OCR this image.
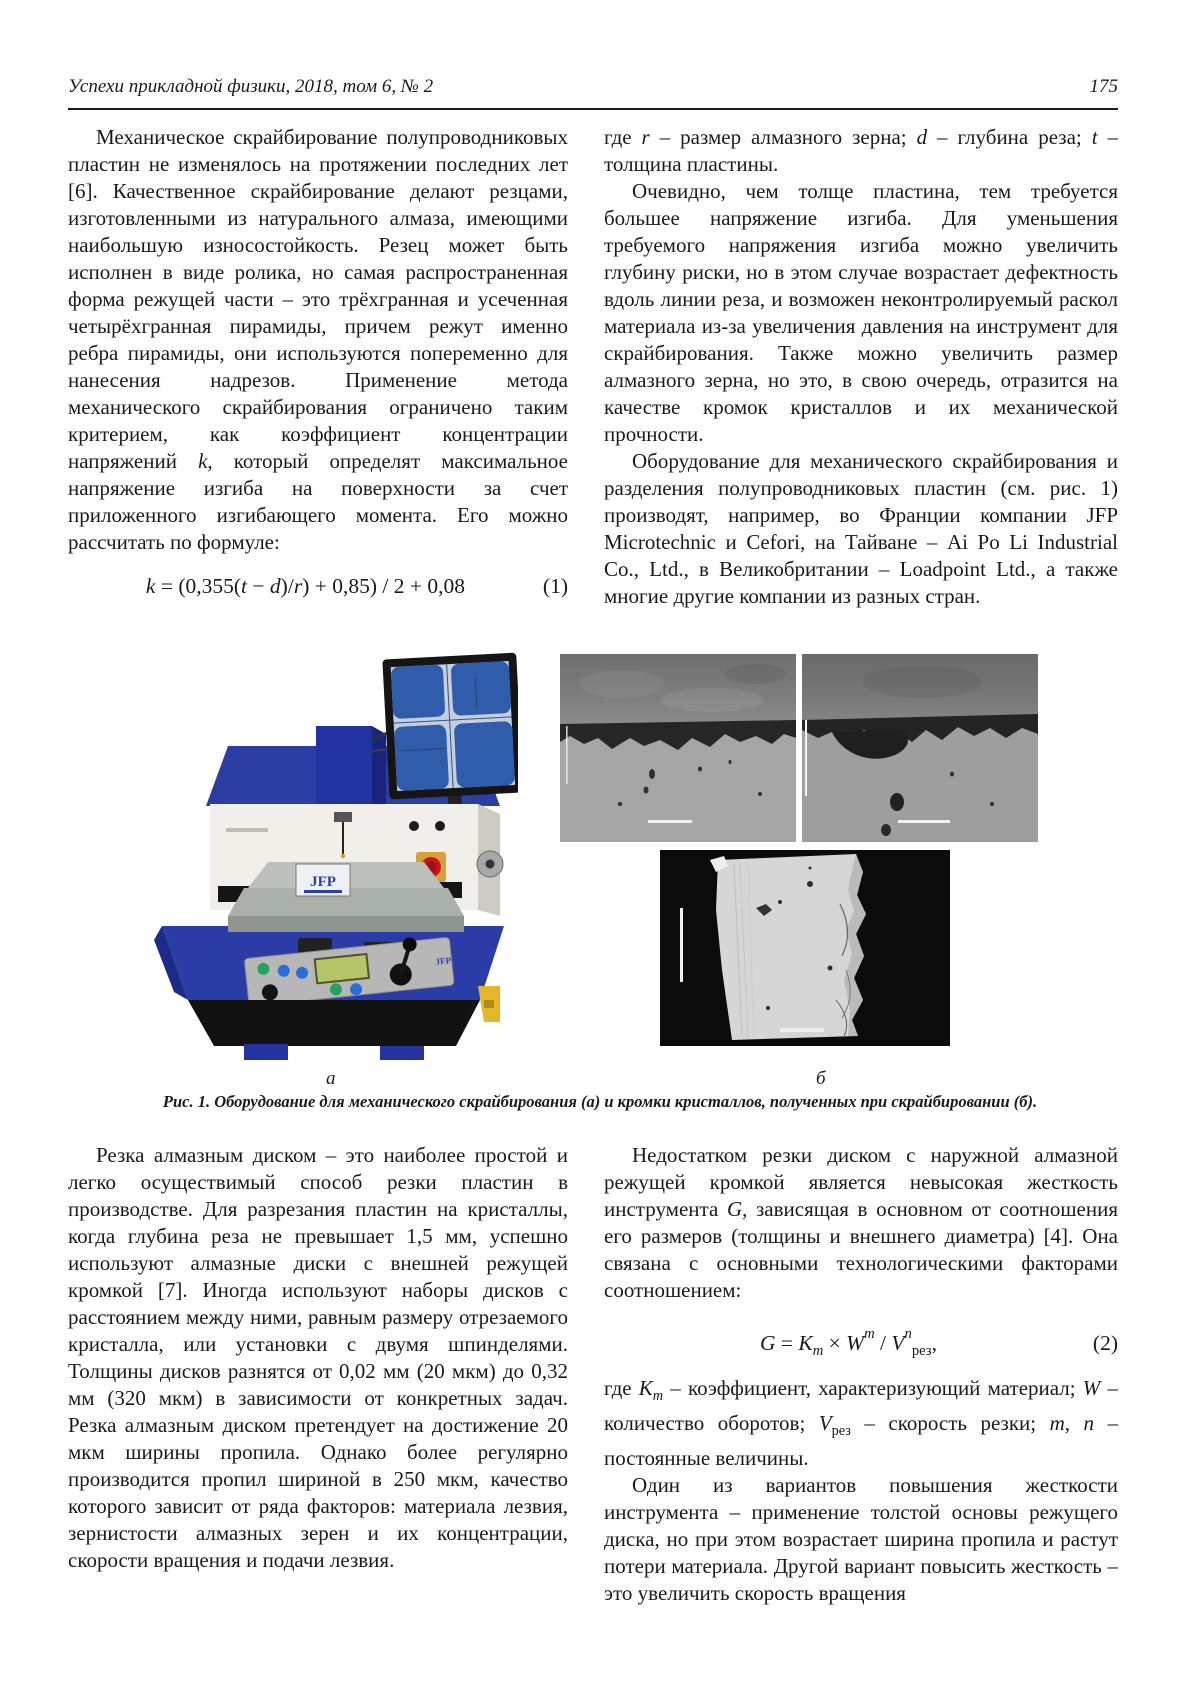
Успехи прикладной физики, 2018, том 6, № 2	175

Механическое скрайбирование полупроводниковых пластин не изменялось на протяжении последних лет [6]. Качественное скрайбирование делают резцами, изготовленными из натурального алмаза, имеющими наибольшую износостойкость. Резец может быть исполнен в виде ролика, но самая распространенная форма режущей части – это трёхгранная и усеченная четырёхгранная пирамиды, причем режут именно ребра пирамиды, они используются попеременно для нанесения надрезов. Применение метода механического скрайбирования ограничено таким критерием, как коэффициент концентрации напряжений k, который определят максимальное напряжение изгиба на поверхности за счет приложенного изгибающего момента. Его можно рассчитать по формуле:

k = (0,355(t − d)/r) + 0,85) / 2 + 0,08	(1)

где r – размер алмазного зерна; d – глубина реза; t – толщина пластины.

Очевидно, чем толще пластина, тем требуется большее напряжение изгиба. Для уменьшения требуемого напряжения изгиба можно увеличить глубину риски, но в этом случае возрастает дефектность вдоль линии реза, и возможен неконтролируемый раскол материала из-за увеличения давления на инструмент для скрайбирования. Также можно увеличить размер алмазного зерна, но это, в свою очередь, отразится на качестве кромок кристаллов и их механической прочности.

Оборудование для механического скрайбирования и разделения полупроводниковых пластин (см. рис. 1) производят, например, во Франции компании JFP Microtechnic и Cefori, на Тайване – Ai Po Li Industrial Co., Ltd., в Великобритании – Loadpoint Ltd., а также многие другие компании из разных стран.

JFP
JFP
а	б
Рис. 1. Оборудование для механического скрайбирования (а) и кромки кристаллов, полученных при скрайбировании (б).

Резка алмазным диском – это наиболее простой и легко осуществимый способ резки пластин в производстве. Для разрезания пластин на кристаллы, когда глубина реза не превышает 1,5 мм, успешно используют алмазные диски с внешней режущей кромкой [7]. Иногда используют наборы дисков с расстоянием между ними, равным размеру отрезаемого кристалла, или установки с двумя шпинделями. Толщины дисков разнятся от 0,02 мм (20 мкм) до 0,32 мм (320 мкм) в зависимости от конкретных задач. Резка алмазным диском претендует на достижение 20 мкм ширины пропила. Однако более регулярно производится пропил шириной в 250 мкм, качество которого зависит от ряда факторов: материала лезвия, зернистости алмазных зерен и их концентрации, скорости вращения и подачи лезвия.

Недостатком резки диском с наружной алмазной режущей кромкой является невысокая жесткость инструмента G, зависящая в основном от соотношения его размеров (толщины и внешнего диаметра) [4]. Она связана с основными технологическими факторами соотношением:

$G = K_m \times W^m / V^n_{рез}$,	(2)

где $K_m$ – коэффициент, характеризующий материал; W – количество оборотов; $V_{рез}$ – скорость резки; m, n – постоянные величины.

Один из вариантов повышения жесткости инструмента – применение толстой основы режущего диска, но при этом возрастает ширина пропила и растут потери материала. Другой вариант повысить жесткость – это увеличить скорость вращения
